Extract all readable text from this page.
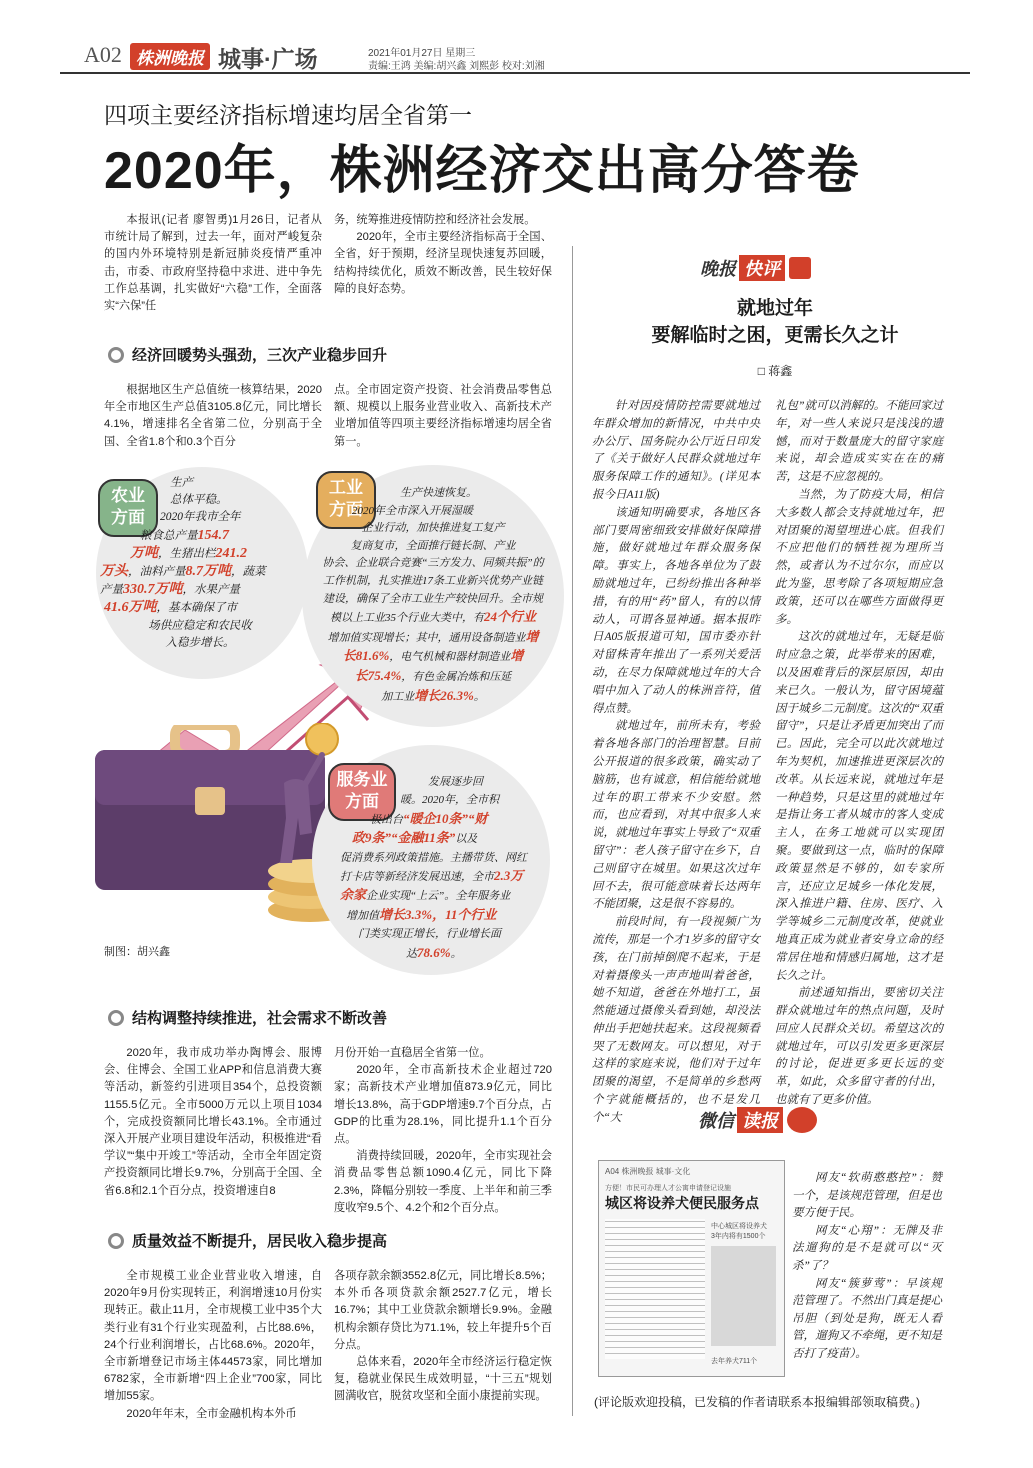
A02 株洲晚报 城事·广场	2021年01月27日 星期三
责编:王鸿 美编:胡兴鑫 刘熙彭 校对:刘湘
四项主要经济指标增速均居全省第一
2020年，株洲经济交出高分答卷

本报讯(记者 廖智勇)1月26日，记者从市统计局了解到，过去一年，面对严峻复杂的国内外环境特别是新冠肺炎疫情严重冲击，市委、市政府坚持稳中求进、进中争先工作总基调，扎实做好“六稳”工作，全面落实“六保”任

务，统筹推进疫情防控和经济社会发展。

2020年，全市主要经济指标高于全国、全省，好于预期，经济呈现快速复苏回暖，结构持续优化，质效不断改善，民生较好保障的良好态势。

经济回暖势头强劲，三次产业稳步回升

根据地区生产总值统一核算结果，2020年全市地区生产总值3105.8亿元，同比增长4.1%，增速排名全省第二位，分别高于全国、全省1.8个和0.3个百分

点。全市固定资产投资、社会消费品零售总额、规模以上服务业营业收入、高新技术产业增加值等四项主要经济指标增速均居全省第一。

农业
方面
生产
总体平稳。
2020年我市全年
粮食总产量154.7
万吨，生猪出栏241.2
万头，油料产量8.7万吨，蔬菜
产量330.7万吨，水果产量
41.6万吨，基本确保了市
场供应稳定和农民收
入稳步增长。
工业
方面
生产快速恢复。
2020年全市深入开展湿暖
企业行动，加快推进复工复产
复商复市，全面推行链长制、产业
协会、企业联合竞赛“三方发力、同频共振”的
工作机制，扎实推进17条工业新兴优势产业链
建设，确保了全市工业生产较快回升。全市规
模以上工业35个行业大类中，有24个行业
增加值实现增长；其中，通用设备制造业增
长81.6%，电气机械和器材制造业增
长75.4%，有色金属冶炼和压延
加工业增长26.3%。
服务业
方面
发展逐步回
暖。2020年，全市积
极出台“暖企10条”“财
政9条”“金融11条”以及
促消费系列政策措施。主播带货、网红
打卡店等新经济发展迅速，全市2.3万
余家企业实现“上云”。全年服务业
增加值增长3.3%，11个行业
门类实现正增长，行业增长面
达78.6%。
制图：胡兴鑫
结构调整持续推进，社会需求不断改善

2020年，我市成功举办陶博会、服博会、住博会、全国工业APP和信息消费大赛等活动，新签约引进项目354个，总投资额1155.5亿元。全市5000万元以上项目1034个，完成投资额同比增长43.1%。全市通过深入开展产业项目建设年活动，积极推进“看学议”“集中开竣工”等活动，全市全年固定资产投资额同比增长9.7%，分别高于全国、全省6.8和2.1个百分点，投资增速自8

月份开始一直稳居全省第一位。

2020年，全市高新技术企业超过720家；高新技术产业增加值873.9亿元，同比增长13.8%，高于GDP增速9.7个百分点，占GDP的比重为28.1%，同比提升1.1个百分点。

消费持续回暖，2020年，全市实现社会消费品零售总额1090.4亿元，同比下降2.3%，降幅分别较一季度、上半年和前三季度收窄9.5个、4.2个和2个百分点。

质量效益不断提升，居民收入稳步提高

全市规模工业企业营业收入增速，自2020年9月份实现转正，利润增速10月份实现转正。截止11月，全市规模工业中35个大类行业有31个行业实现盈利，占比88.6%，24个行业利润增长，占比68.6%。2020年，全市新增登记市场主体44573家，同比增加6782家，全市新增“四上企业”700家，同比增加55家。

2020年年末，全市金融机构本外币

各项存款余额3552.8亿元，同比增长8.5%；本外币各项贷款余额2527.7亿元，增长16.7%；其中工业贷款余额增长9.9%。金融机构余额存贷比为71.1%，较上年提升5个百分点。

总体来看，2020年全市经济运行稳定恢复，稳就业保民生成效明显，“十三五”规划圆满收官，脱贫攻坚和全面小康提前实现。

晚报 快评
就地过年
要解临时之困，更需长久之计
□ 蒋鑫

针对因疫情防控需要就地过年群众增加的新情况，中共中央办公厅、国务院办公厅近日印发了《关于做好人民群众就地过年服务保障工作的通知》。(详见本报今日A11版)

该通知明确要求，各地区各部门要周密细致安排做好保障措施，做好就地过年群众服务保障。事实上，各地各单位为了鼓励就地过年，已纷纷推出各种举措，有的用“药”留人，有的以情动人，可谓各显神通。据本报昨日A05版报道可知，国市委亦针对留株青年推出了一系列关爱活动，在尽力保障就地过年的大合唱中加入了动人的株洲音符，值得点赞。

就地过年，前所未有，考验着各地各部门的治理智慧。目前公开报道的很多政策，确实动了脑筋，也有诚意，相信能给就地过年的职工带来不少安慰。然而，也应看到，对其中很多人来说，就地过年事实上导致了“双重留守”：老人孩子留守在乡下，自己则留守在城里。如果这次过年回不去，很可能意味着长达两年不能团聚，这是很不容易的。

前段时间，有一段视频广为流传，那是一个才1岁多的留守女孩，在门前掉倒爬不起来，于是对着摄像头一声声地叫着爸爸，她不知道，爸爸在外地打工，虽然能通过摄像头看到她，却没法伸出手把她扶起来。这段视频看哭了无数网友。可以想见，对于这样的家庭来说，他们对于过年团聚的渴望，不是简单的乡愁两个字就能概括的，也不是发几个“大

礼包”就可以消解的。不能回家过年，对一些人来说只是浅浅的遗憾，而对于数量庞大的留守家庭来说，却会造成实实在在的痛苦，这是不应忽视的。

当然，为了防疫大局，相信大多数人都会支持就地过年，把对团聚的渴望埋进心底。但我们不应把他们的牺牲视为理所当然，或者认为不过尔尔，而应以此为鉴，思考除了各项短期应急政策，还可以在哪些方面做得更多。

这次的就地过年，无疑是临时应急之策，此举带来的困难，以及困难背后的深层原因，却由来已久。一般认为，留守困境蕴因于城乡二元制度。这次的“双重留守”，只是让矛盾更加突出了而已。因此，完全可以此次就地过年为契机，加速推进更深层次的改革。从长远来说，就地过年是一种趋势，只是这里的就地过年是指让务工者从城市的客人变成主人，在务工地就可以实现团聚。要做到这一点，临时的保障政策显然是不够的，如专家所言，还应立足城乡一体化发展，深入推进户籍、住房、医疗、入学等城乡二元制度改革，使就业地真正成为就业者安身立命的经常居住地和情感归属地，这才是长久之计。

前述通知指出，要密切关注群众就地过年的热点问题，及时回应人民群众关切。希望这次的就地过年，可以引发更多更深层的讨论，促进更多更长远的变革，如此，众多留守者的付出，也就有了更多价值。

微信 读报
A04 株洲晚报 城事·文化
方便！市民可办理人才公寓申请登记设施
城区将设养犬便民服务点
中心城区将设养犬
3年内将有1500个
去年养犬711个

网友“软萌憨憨控”：赞一个，是该规范管理，但是也要方便于民。

网友“心翔”：无牌及非法遛狗的是不是就可以“灭杀”了？

网友“簇萝莺”：早该规范管理了。不然出门真是提心吊胆（到处是狗，既无人看管，遛狗又不牵绳，更不知是否打了疫苗）。

(评论版欢迎投稿，已发稿的作者请联系本报编辑部领取稿费。)
